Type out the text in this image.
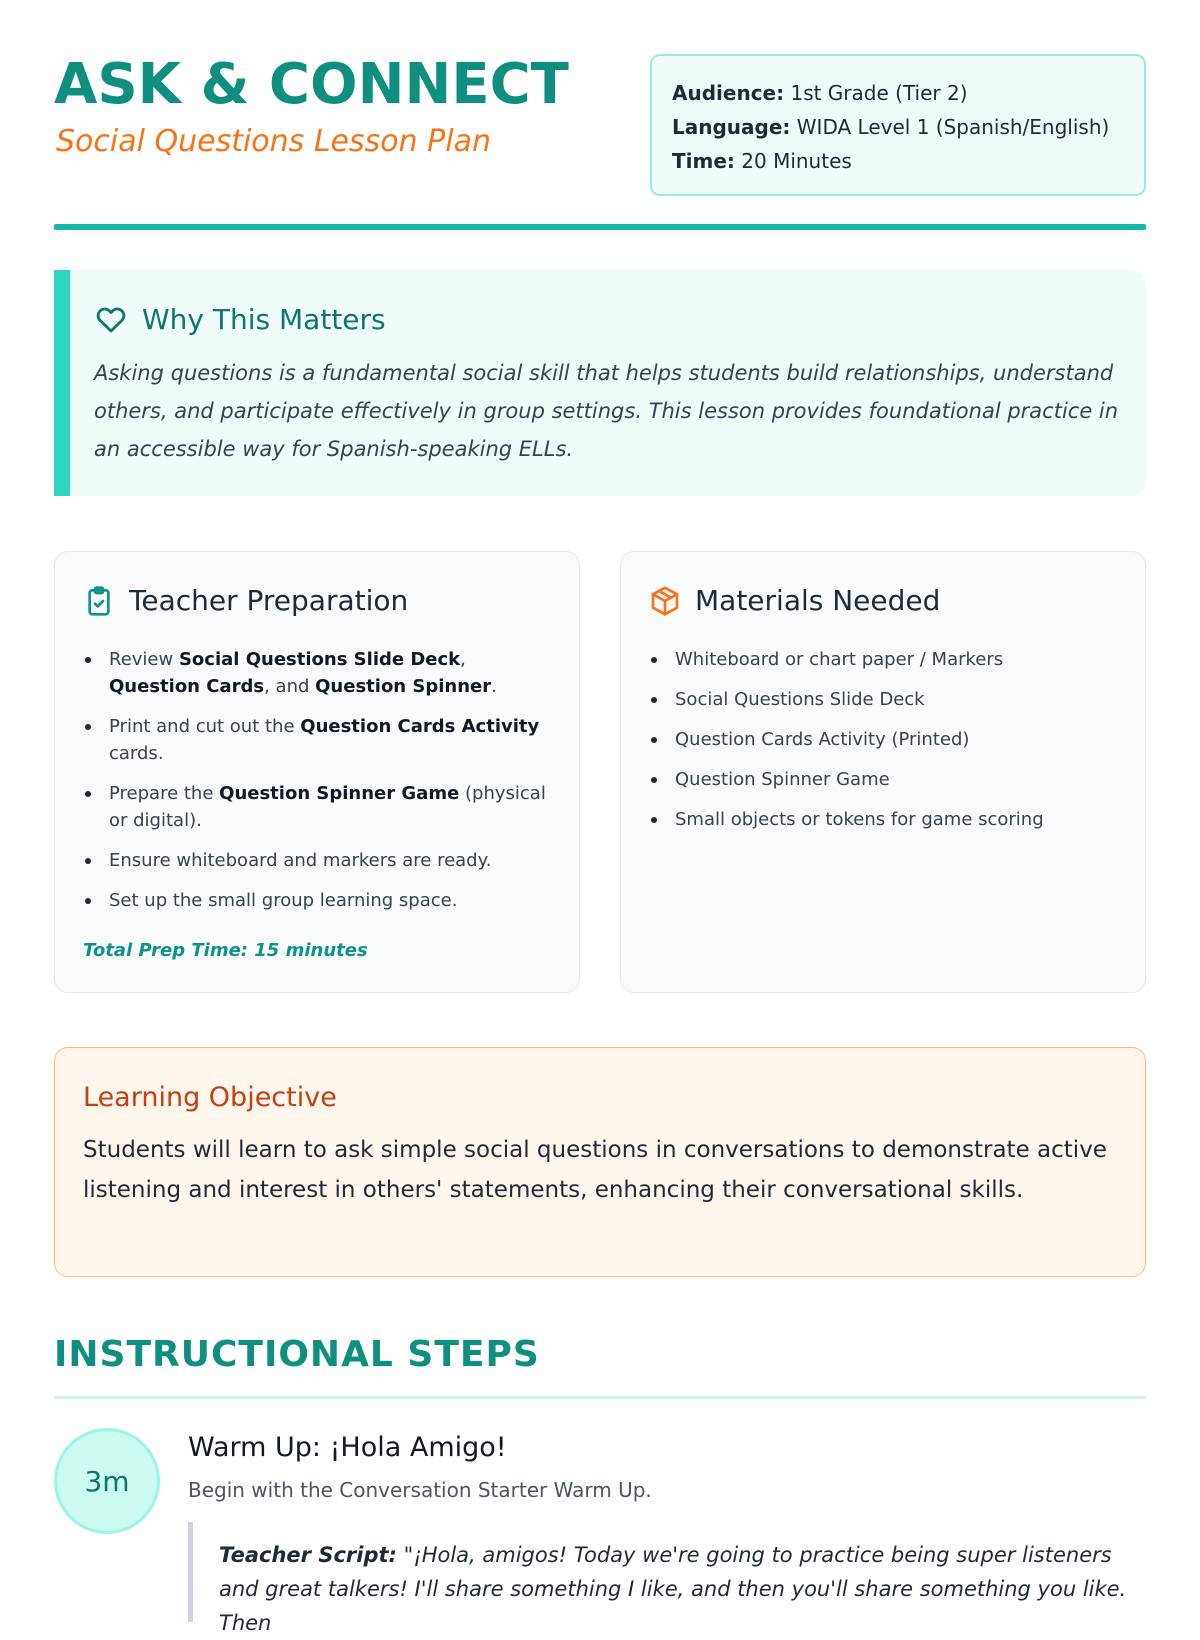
ASK & CONNECT
Social Questions Lesson Plan
Audience: 1st Grade (Tier 2)
Language: WIDA Level 1 (Spanish/English)
Time: 20 Minutes
Why This Matters
Asking questions is a fundamental social skill that helps students build relationships, understand others, and participate effectively in group settings. This lesson provides foundational practice in an accessible way for Spanish-speaking ELLs.
Teacher Preparation
Review Social Questions Slide Deck, Question Cards, and Question Spinner.
Print and cut out the Question Cards Activity cards.
Prepare the Question Spinner Game (physical or digital).
Ensure whiteboard and markers are ready.
Set up the small group learning space.
Total Prep Time: 15 minutes
Materials Needed
Whiteboard or chart paper / Markers
Social Questions Slide Deck
Question Cards Activity (Printed)
Question Spinner Game
Small objects or tokens for game scoring
Learning Objective
Students will learn to ask simple social questions in conversations to demonstrate active listening and interest in others' statements, enhancing their conversational skills.
INSTRUCTIONAL STEPS
3m
Warm Up: ¡Hola Amigo!
Begin with the Conversation Starter Warm Up.
Teacher Script: "¡Hola, amigos! Today we're going to practice being super listeners and great talkers! I'll share something I like, and then you'll share something you like. Then
